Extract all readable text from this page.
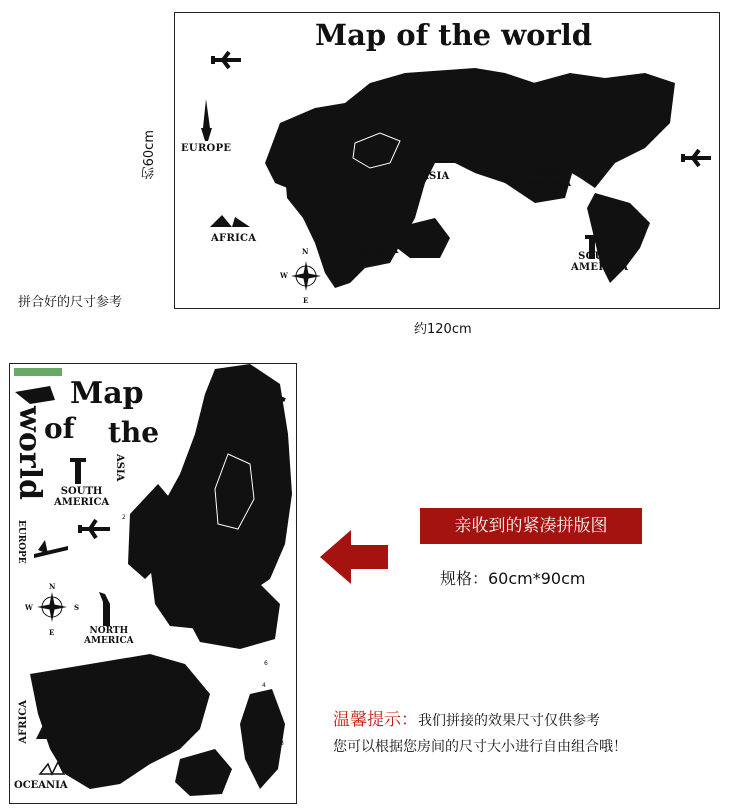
Map of the world
EUROPE
ASIA
AFRICA
OCEANIA
NORTH
AMERICA
SOUTH
AMERICA
N
W	S
E
约60cm
约120cm
拼合好的尺寸参考
Map
of the
world	SOUTH
AMERICA
ASIA
EUROPE
NORTH
AMERICA
AFRICA
OCEANIA
N
W	S
E
1
2
3
4
5
6
7
8
亲收到的紧凑拼版图
规格：60cm*90cm
温馨提示：我们拼接的效果尺寸仅供参考
您可以根据您房间的尺寸大小进行自由组合哦！
